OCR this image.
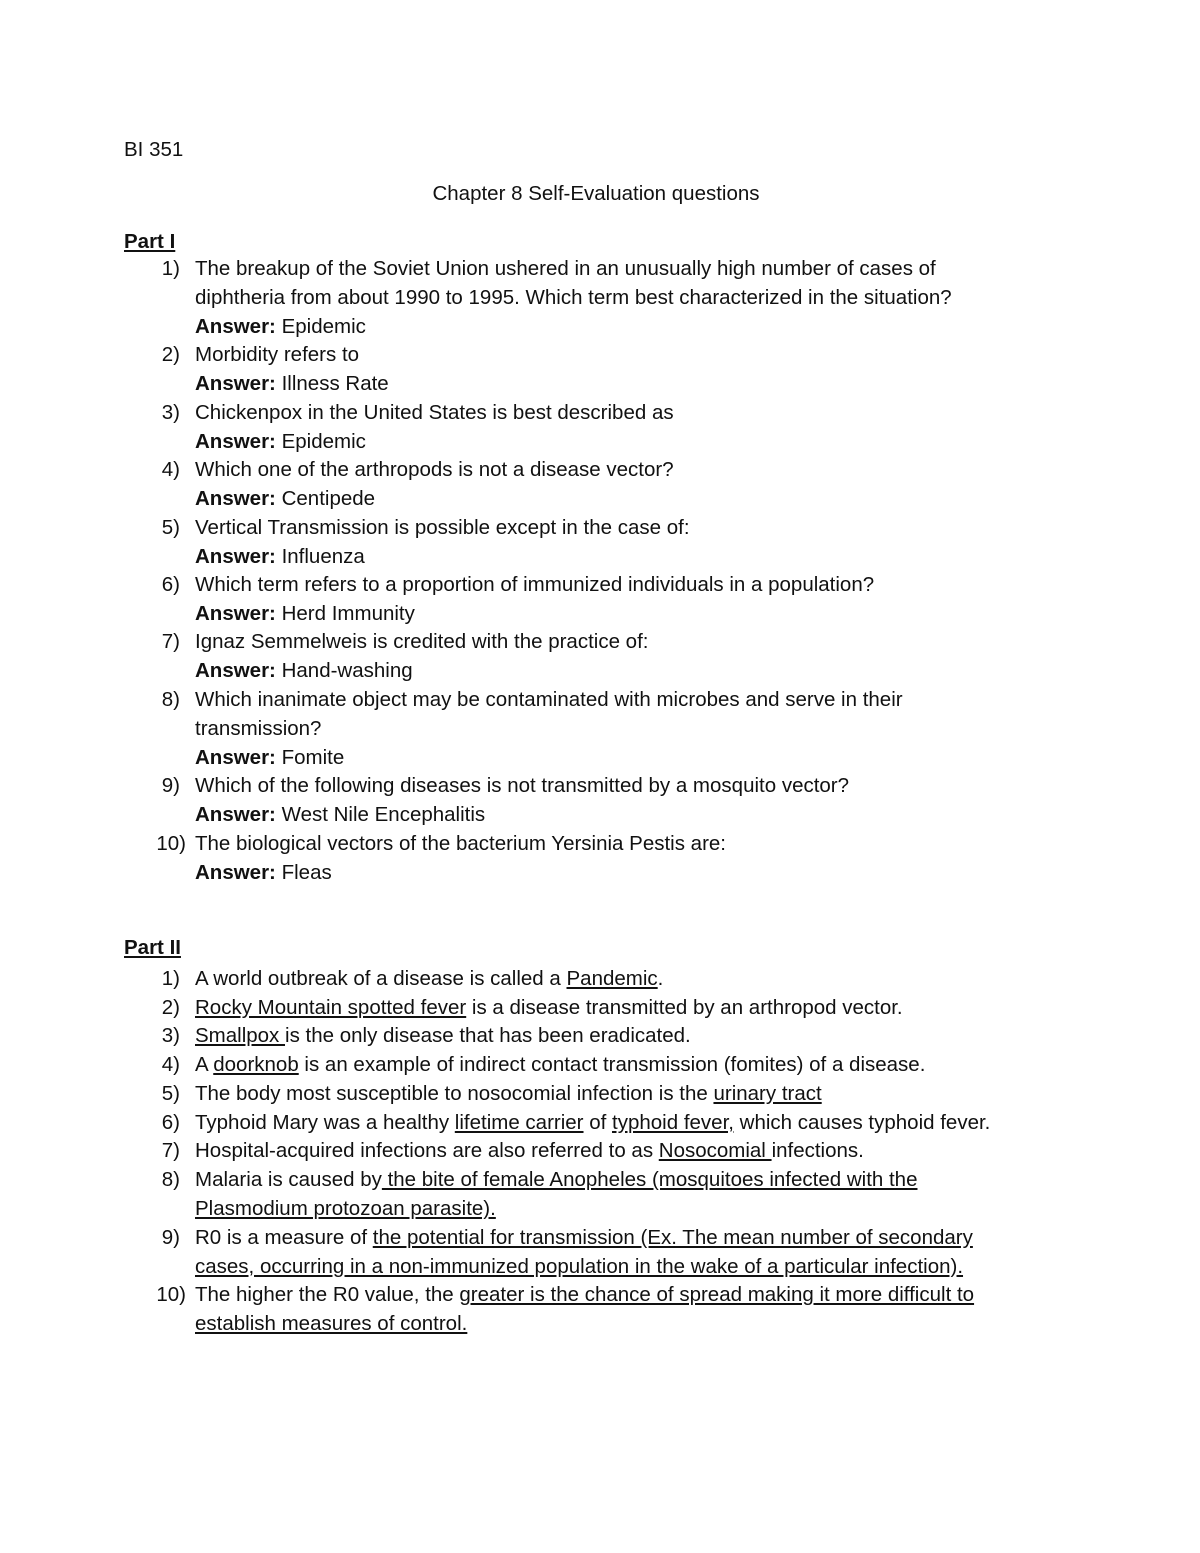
BI 351
Chapter 8 Self-Evaluation questions
Part I
1) The breakup of the Soviet Union ushered in an unusually high number of cases of
diphtheria from about 1990 to 1995. Which term best characterized in the situation?
Answer: Epidemic
2) Morbidity refers to
Answer: Illness Rate
3) Chickenpox in the United States is best described as
Answer: Epidemic
4) Which one of the arthropods is not a disease vector?
Answer: Centipede
5) Vertical Transmission is possible except in the case of:
Answer: Influenza
6) Which term refers to a proportion of immunized individuals in a population?
Answer: Herd Immunity
7) Ignaz Semmelweis is credited with the practice of:
Answer: Hand-washing
8) Which inanimate object may be contaminated with microbes and serve in their
transmission?
Answer: Fomite
9) Which of the following diseases is not transmitted by a mosquito vector?
Answer: West Nile Encephalitis
10) The biological vectors of the bacterium Yersinia Pestis are:
Answer: Fleas
Part II
1) A world outbreak of a disease is called a Pandemic.
2) Rocky Mountain spotted fever is a disease transmitted by an arthropod vector.
3) Smallpox is the only disease that has been eradicated.
4) A doorknob is an example of indirect contact transmission (fomites) of a disease.
5) The body most susceptible to nosocomial infection is the urinary tract
6) Typhoid Mary was a healthy lifetime carrier of typhoid fever, which causes typhoid fever.
7) Hospital-acquired infections are also referred to as Nosocomial infections.
8) Malaria is caused by the bite of female Anopheles (mosquitoes infected with the
Plasmodium protozoan parasite).
9) R0 is a measure of the potential for transmission (Ex. The mean number of secondary
cases, occurring in a non-immunized population in the wake of a particular infection).
10) The higher the R0 value, the greater is the chance of spread making it more difficult to
establish measures of control.
